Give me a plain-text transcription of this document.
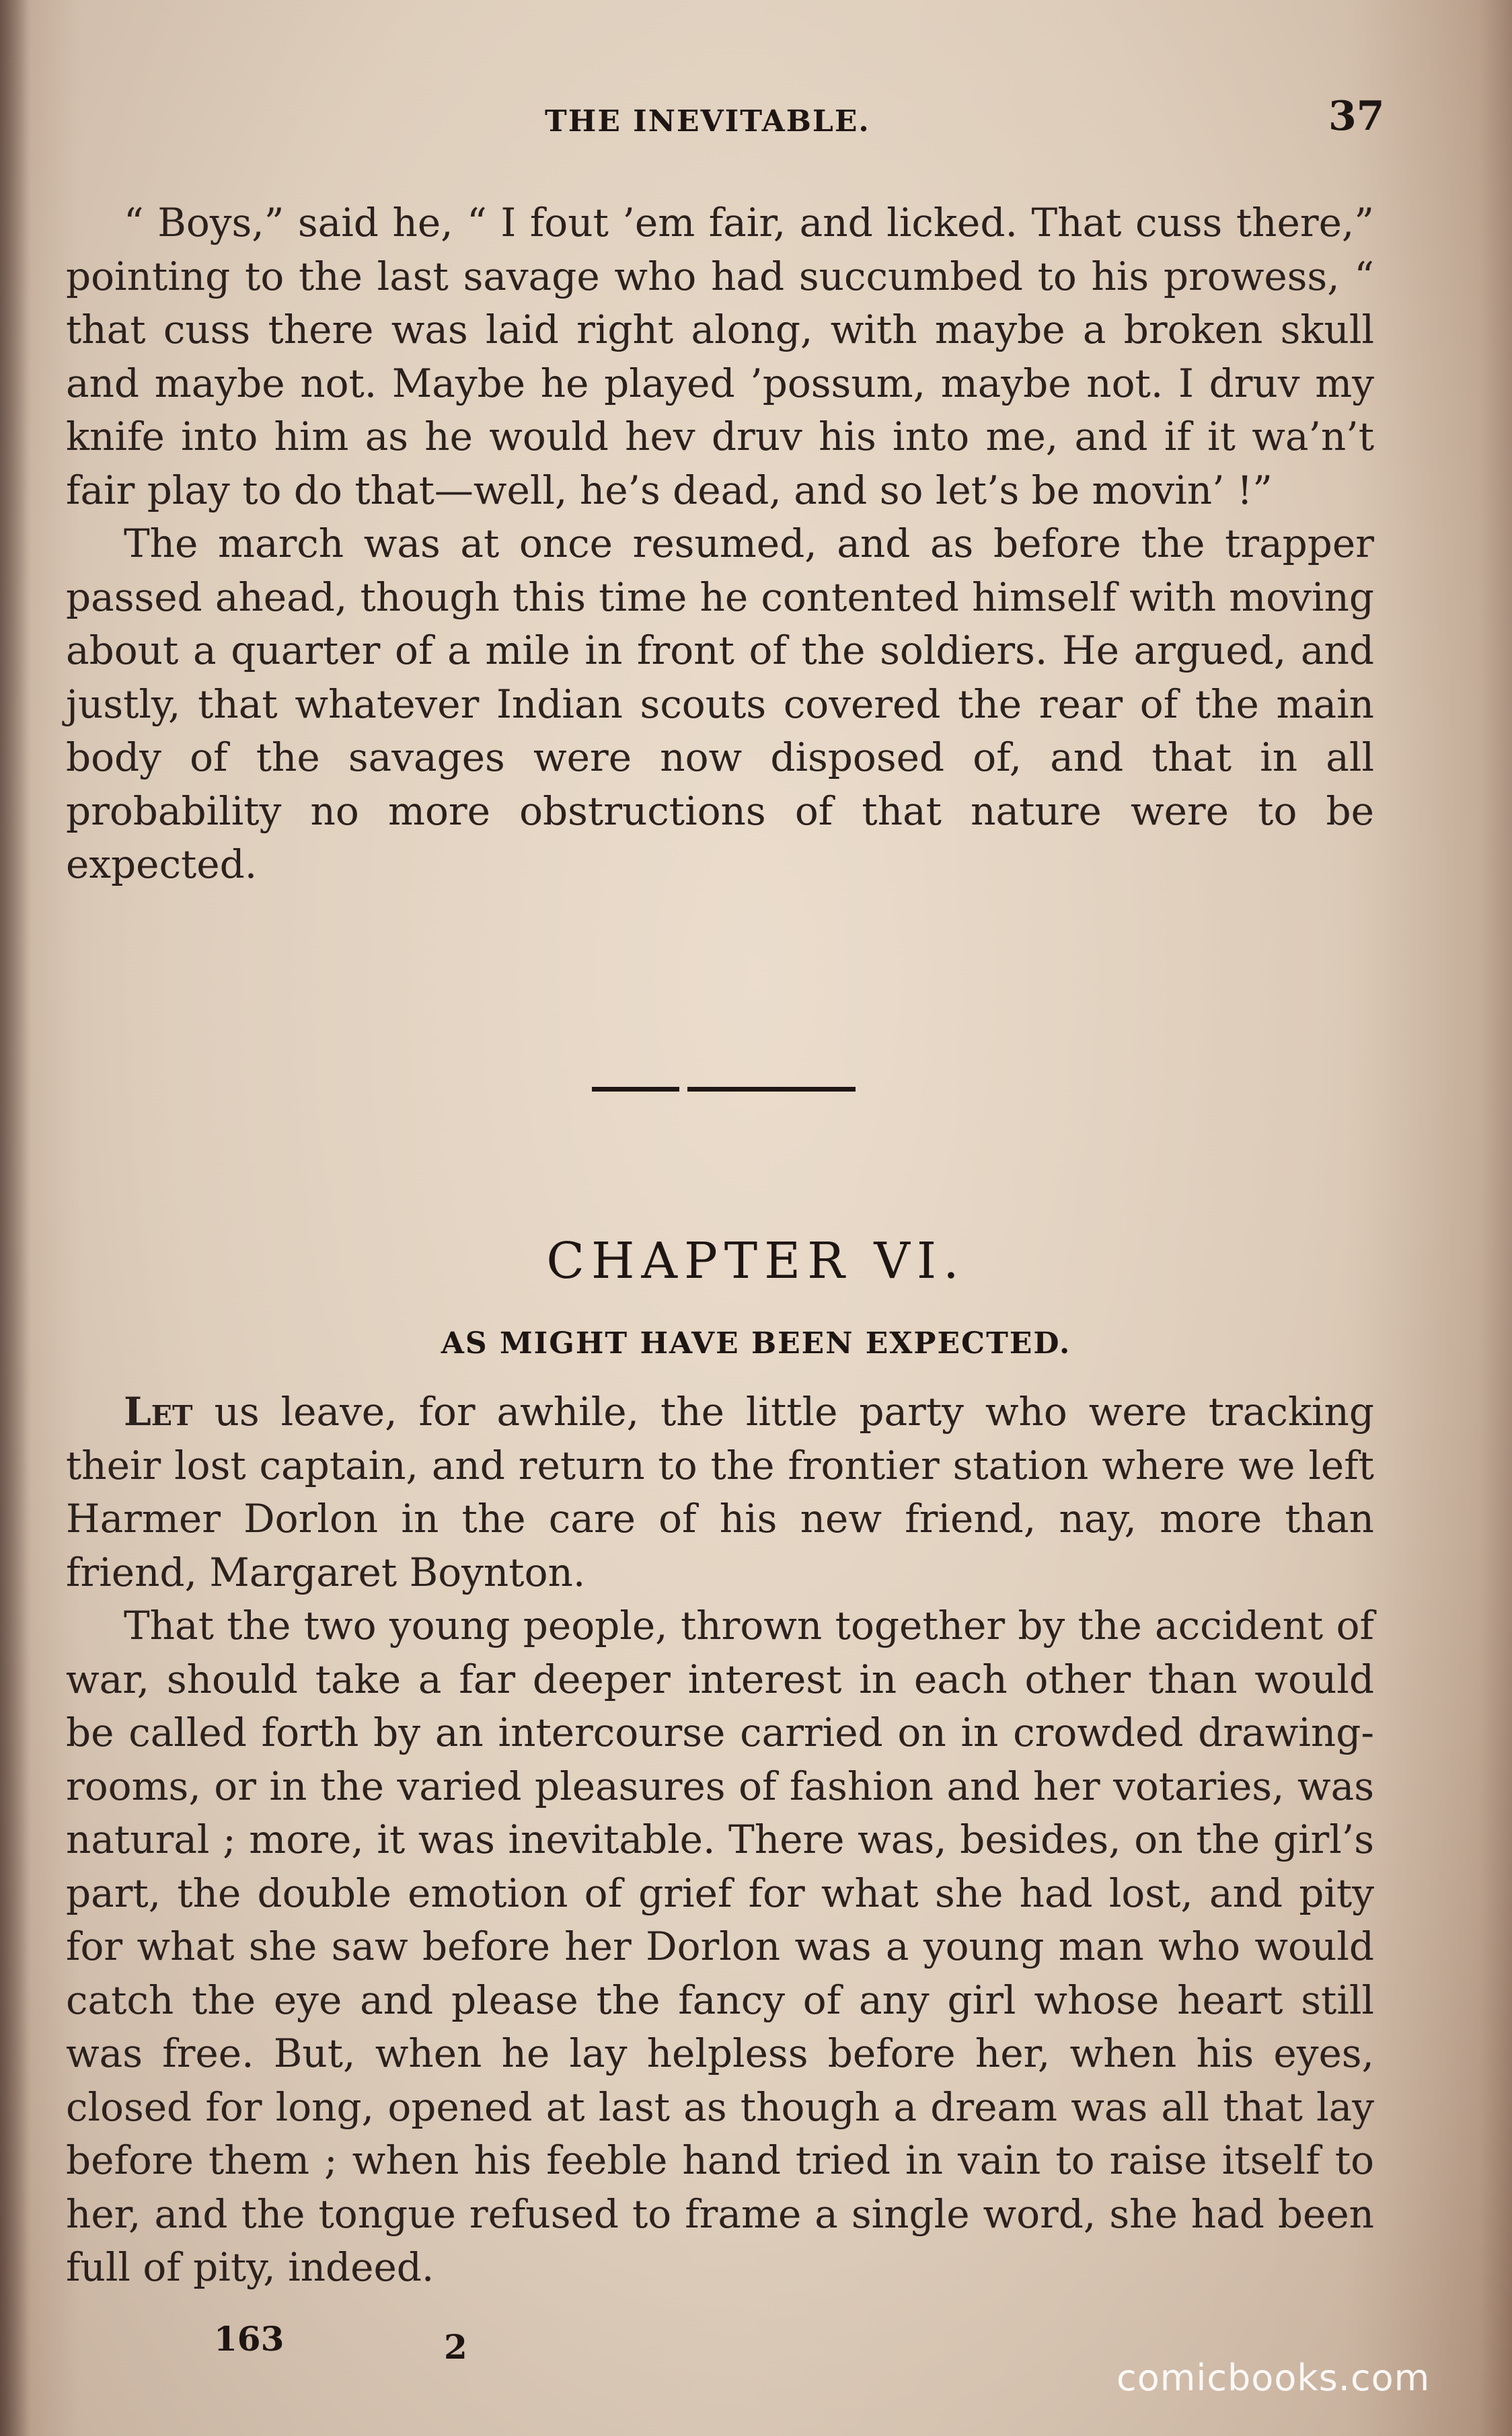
THE INEVITABLE.	37

“ Boys,” said he, “ I fout ’em fair, and licked. That cuss there,” pointing to the last savage who had succumbed to his prowess, “ that cuss there was laid right along, with maybe a broken skull and maybe not. Maybe he played ’possum, maybe not. I druv my knife into him as he would hev druv his into me, and if it wa’n’t fair play to do that—well, he’s dead, and so let’s be movin’ !”

The march was at once resumed, and as before the trapper passed ahead, though this time he contented himself with moving about a quarter of a mile in front of the soldiers. He argued, and justly, that whatever Indian scouts covered the rear of the main body of the savages were now disposed of, and that in all probability no more obstructions of that nature were to be expected.

CHAPTER VI.
AS MIGHT HAVE BEEN EXPECTED.

Let us leave, for awhile, the little party who were tracking their lost captain, and return to the frontier station where we left Harmer Dorlon in the care of his new friend, nay, more than friend, Margaret Boynton.

That the two young people, thrown together by the accident of war, should take a far deeper interest in each other than would be called forth by an intercourse carried on in crowded drawing-rooms, or in the varied pleasures of fashion and her votaries, was natural ; more, it was inevitable. There was, besides, on the girl’s part, the double emotion of grief for what she had lost, and pity for what she saw before her Dorlon was a young man who would catch the eye and please the fancy of any girl whose heart still was free. But, when he lay helpless before her, when his eyes, closed for long, opened at last as though a dream was all that lay before them ; when his feeble hand tried in vain to raise itself to her, and the tongue refused to frame a single word, she had been full of pity, indeed.

163	2
comicbooks.com
